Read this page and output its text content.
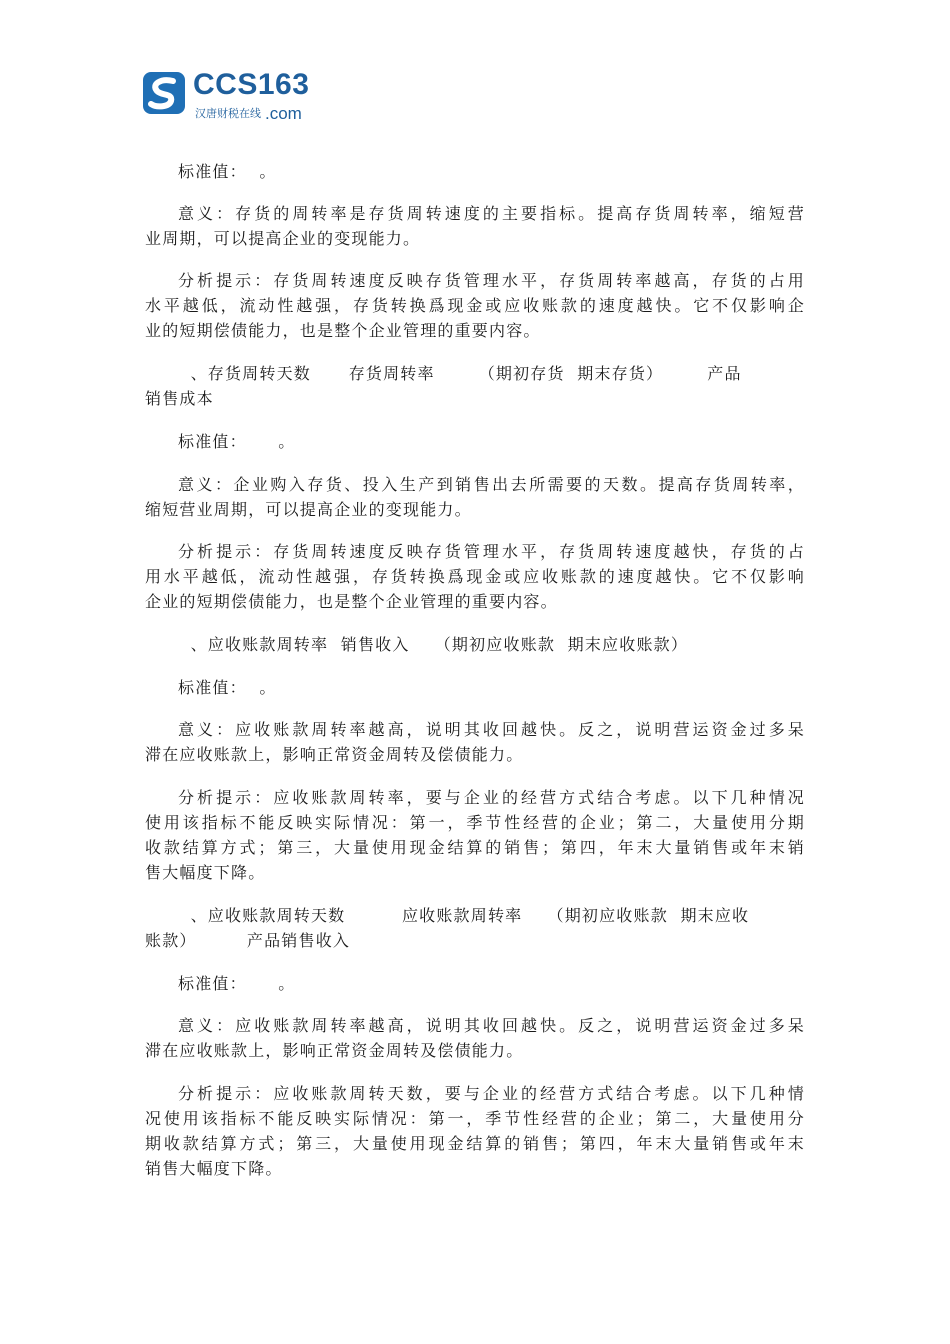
CCS163
汉唐财税在线 .com
标准值：  。
意义：存货的周转率是存货周转速度的主要指标。提高存货周转率，缩短营
业周期，可以提高企业的变现能力。
分析提示：存货周转速度反映存货管理水平，存货周转率越高，存货的占用
水平越低，流动性越强，存货转换爲现金或应收账款的速度越快。它不仅影响企
业的短期偿债能力，也是整个企业管理的重要内容。
、存货周转天数      存货周转率       （期初存货  期末存货）       产品
销售成本
标准值：     。
意义：企业购入存货、投入生产到销售出去所需要的天数。提高存货周转率，
缩短营业周期，可以提高企业的变现能力。
分析提示：存货周转速度反映存货管理水平，存货周转速度越快，存货的占
用水平越低，流动性越强，存货转换爲现金或应收账款的速度越快。它不仅影响
企业的短期偿债能力，也是整个企业管理的重要内容。
、应收账款周转率  销售收入    （期初应收账款  期末应收账款）
标准值：  。
意义：应收账款周转率越高，说明其收回越快。反之，说明营运资金过多呆
滞在应收账款上，影响正常资金周转及偿债能力。
分析提示：应收账款周转率，要与企业的经营方式结合考虑。以下几种情况
使用该指标不能反映实际情况：第一，季节性经营的企业；第二，大量使用分期
收款结算方式；第三，大量使用现金结算的销售；第四，年末大量销售或年末销
售大幅度下降。
、应收账款周转天数         应收账款周转率    （期初应收账款  期末应收
账款）        产品销售收入
标准值：     。
意义：应收账款周转率越高，说明其收回越快。反之，说明营运资金过多呆
滞在应收账款上，影响正常资金周转及偿债能力。
分析提示：应收账款周转天数，要与企业的经营方式结合考虑。以下几种情
况使用该指标不能反映实际情况：第一，季节性经营的企业；第二，大量使用分
期收款结算方式；第三，大量使用现金结算的销售；第四，年末大量销售或年末
销售大幅度下降。
